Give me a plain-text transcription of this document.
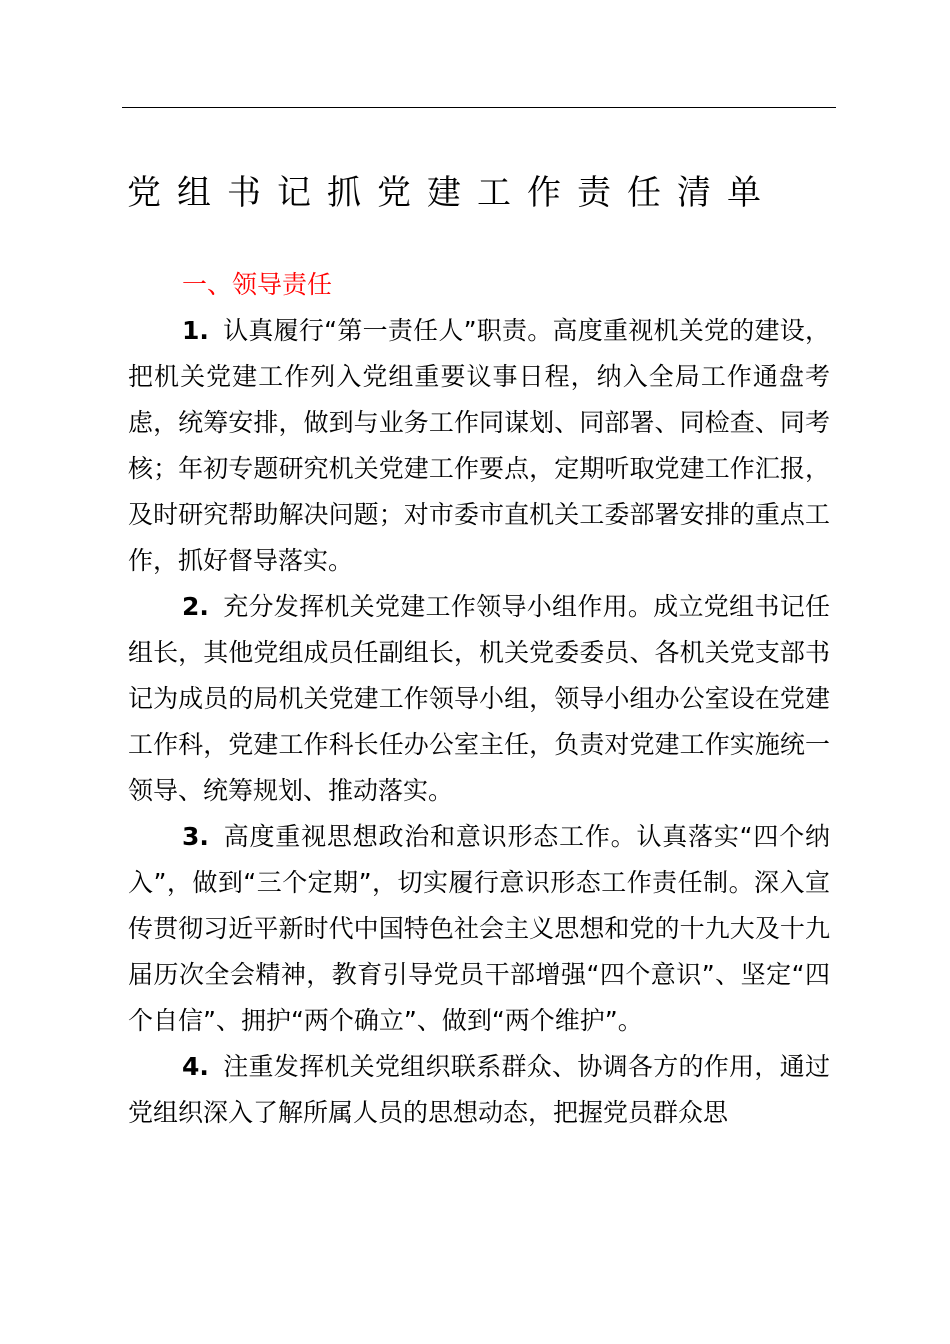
党组书记抓党建工作责任清单
一、领导责任

1. 认真履行“第一责任人”职责。高度重视机关党的建设，把机关党建工作列入党组重要议事日程，纳入全局工作通盘考虑，统筹安排，做到与业务工作同谋划、同部署、同检查、同考核；年初专题研究机关党建工作要点，定期听取党建工作汇报，及时研究帮助解决问题；对市委市直机关工委部署安排的重点工作，抓好督导落实。

2. 充分发挥机关党建工作领导小组作用。成立党组书记任组长，其他党组成员任副组长，机关党委委员、各机关党支部书记为成员的局机关党建工作领导小组，领导小组办公室设在党建工作科，党建工作科长任办公室主任，负责对党建工作实施统一领导、统筹规划、推动落实。

3. 高度重视思想政治和意识形态工作。认真落实“四个纳入”，做到“三个定期”，切实履行意识形态工作责任制。深入宣传贯彻习近平新时代中国特色社会主义思想和党的十九大及十九届历次全会精神，教育引导党员干部增强“四个意识”、坚定“四个自信”、拥护“两个确立”、做到“两个维护”。

4. 注重发挥机关党组织联系群众、协调各方的作用，通过党组织深入了解所属人员的思想动态，把握党员群众思
